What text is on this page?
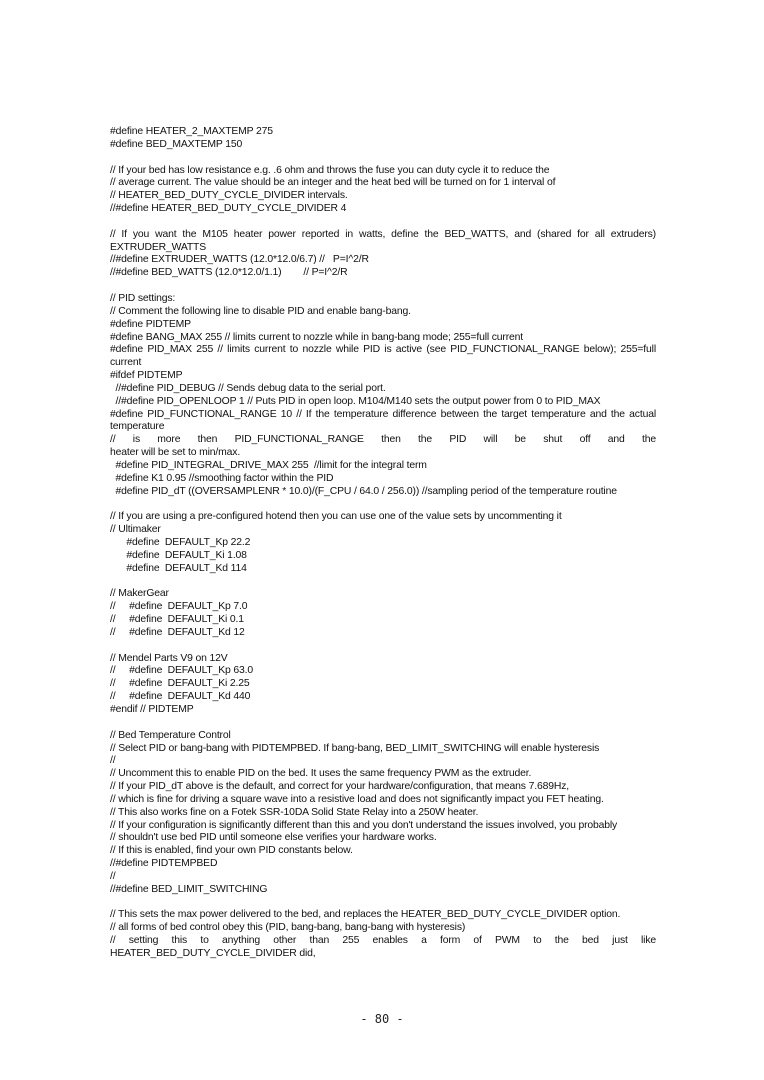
#define HEATER_2_MAXTEMP 275
#define BED_MAXTEMP 150
// If your bed has low resistance e.g. .6 ohm and throws the fuse you can duty cycle it to reduce the
// average current. The value should be an integer and the heat bed will be turned on for 1 interval of
// HEATER_BED_DUTY_CYCLE_DIVIDER intervals.
//#define HEATER_BED_DUTY_CYCLE_DIVIDER 4
// If you want the M105 heater power reported in watts, define the BED_WATTS, and (shared for all extruders)
EXTRUDER_WATTS
//#define EXTRUDER_WATTS (12.0*12.0/6.7) //   P=I^2/R
//#define BED_WATTS (12.0*12.0/1.1)        // P=I^2/R
// PID settings:
// Comment the following line to disable PID and enable bang-bang.
#define PIDTEMP
#define BANG_MAX 255 // limits current to nozzle while in bang-bang mode; 255=full current
#define PID_MAX 255 // limits current to nozzle while PID is active (see PID_FUNCTIONAL_RANGE below); 255=full
current
#ifdef PIDTEMP
//#define PID_DEBUG // Sends debug data to the serial port.
//#define PID_OPENLOOP 1 // Puts PID in open loop. M104/M140 sets the output power from 0 to PID_MAX
#define PID_FUNCTIONAL_RANGE 10 // If the temperature difference between the target temperature and the actual
temperature
// is more then PID_FUNCTIONAL_RANGE then the PID will be shut off and the
heater will be set to min/max.
#define PID_INTEGRAL_DRIVE_MAX 255  //limit for the integral term
#define K1 0.95 //smoothing factor within the PID
#define PID_dT ((OVERSAMPLENR * 10.0)/(F_CPU / 64.0 / 256.0)) //sampling period of the temperature routine
// If you are using a pre-configured hotend then you can use one of the value sets by uncommenting it
// Ultimaker
#define  DEFAULT_Kp 22.2
#define  DEFAULT_Ki 1.08
#define  DEFAULT_Kd 114
// MakerGear
//     #define  DEFAULT_Kp 7.0
//     #define  DEFAULT_Ki 0.1
//     #define  DEFAULT_Kd 12
// Mendel Parts V9 on 12V
//     #define  DEFAULT_Kp 63.0
//     #define  DEFAULT_Ki 2.25
//     #define  DEFAULT_Kd 440
#endif // PIDTEMP
// Bed Temperature Control
// Select PID or bang-bang with PIDTEMPBED. If bang-bang, BED_LIMIT_SWITCHING will enable hysteresis
//
// Uncomment this to enable PID on the bed. It uses the same frequency PWM as the extruder.
// If your PID_dT above is the default, and correct for your hardware/configuration, that means 7.689Hz,
// which is fine for driving a square wave into a resistive load and does not significantly impact you FET heating.
// This also works fine on a Fotek SSR-10DA Solid State Relay into a 250W heater.
// If your configuration is significantly different than this and you don't understand the issues involved, you probably
// shouldn't use bed PID until someone else verifies your hardware works.
// If this is enabled, find your own PID constants below.
//#define PIDTEMPBED
//
//#define BED_LIMIT_SWITCHING
// This sets the max power delivered to the bed, and replaces the HEATER_BED_DUTY_CYCLE_DIVIDER option.
// all forms of bed control obey this (PID, bang-bang, bang-bang with hysteresis)
// setting this to anything other than 255 enables a form of PWM to the bed just like
HEATER_BED_DUTY_CYCLE_DIVIDER did,
- 80 -
